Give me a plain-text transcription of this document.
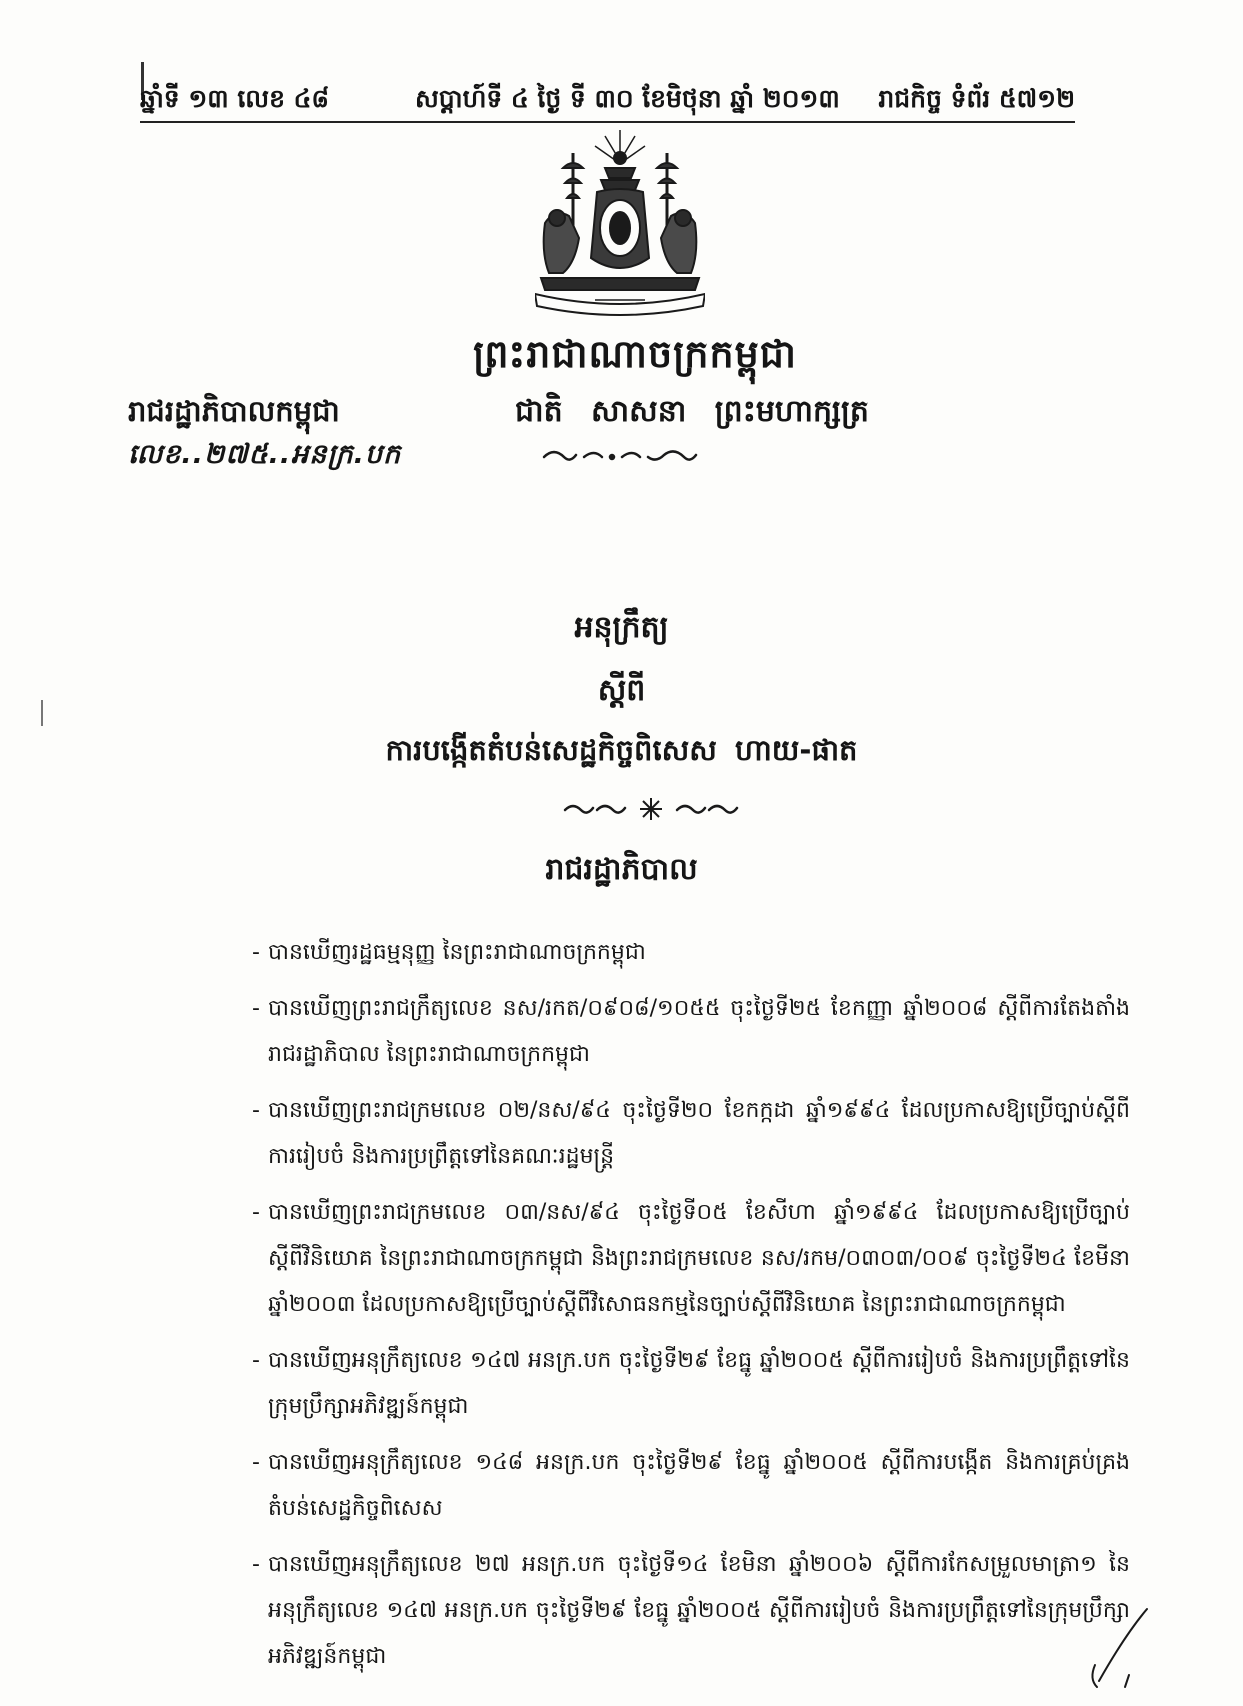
ឆ្នាំទី ១៣ លេខ ៤៨	សប្ដាហ៍ទី ៤ ថ្ងៃ ទី ៣០ ខែមិថុនា ឆ្នាំ ២០១៣ រាជកិច្ច ទំព័រ ៥៧១២
ព្រះរាជាណាចក្រកម្ពុជា
ជាតិ សាសនា ព្រះមហាក្សត្រ
រាជរដ្ឋាភិបាលកម្ពុជា
លេខ..២៧៥..អនក្រ.បក
អនុក្រឹត្យ
ស្ដីពី
ការបង្កើតតំបន់សេដ្ឋកិច្ចពិសេស ហាយ-ផាត
រាជរដ្ឋាភិបាល
- បានឃើញរដ្ឋធម្មនុញ្ញ នៃព្រះរាជាណាចក្រកម្ពុជា
- បានឃើញព្រះរាជក្រឹត្យលេខ នស/រកត/០៩០៨/១០៥៥ ចុះថ្ងៃទី២៥ ខែកញ្ញា ឆ្នាំ២០០៨ ស្ដីពីការតែងតាំងរាជរដ្ឋាភិបាល នៃព្រះរាជាណាចក្រកម្ពុជា
- បានឃើញព្រះរាជក្រមលេខ ០២/នស/៩៤ ចុះថ្ងៃទី២០ ខែកក្កដា ឆ្នាំ១៩៩៤ ដែលប្រកាសឱ្យប្រើច្បាប់ស្ដីពីការរៀបចំ និងការប្រព្រឹត្តទៅនៃគណៈរដ្ឋមន្ត្រី
- បានឃើញព្រះរាជក្រមលេខ ០៣/នស/៩៤ ចុះថ្ងៃទី០៥ ខែសីហា ឆ្នាំ១៩៩៤ ដែលប្រកាសឱ្យប្រើច្បាប់ស្ដីពីវិនិយោគ នៃព្រះរាជាណាចក្រកម្ពុជា និងព្រះរាជក្រមលេខ នស/រកម/០៣០៣/០០៩ ចុះថ្ងៃទី២៤ ខែមីនា ឆ្នាំ២០០៣ ដែលប្រកាសឱ្យប្រើច្បាប់ស្ដីពីវិសោធនកម្មនៃច្បាប់ស្ដីពីវិនិយោគ នៃព្រះរាជាណាចក្រកម្ពុជា
- បានឃើញអនុក្រឹត្យលេខ ១៤៧ អនក្រ.បក ចុះថ្ងៃទី២៩ ខែធ្នូ ឆ្នាំ២០០៥ ស្ដីពីការរៀបចំ និងការប្រព្រឹត្តទៅនៃក្រុមប្រឹក្សាអភិវឌ្ឍន៍កម្ពុជា
- បានឃើញអនុក្រឹត្យលេខ ១៤៨ អនក្រ.បក ចុះថ្ងៃទី២៩ ខែធ្នូ ឆ្នាំ២០០៥ ស្ដីពីការបង្កើត និងការគ្រប់គ្រងតំបន់សេដ្ឋកិច្ចពិសេស
- បានឃើញអនុក្រឹត្យលេខ ២៧ អនក្រ.បក ចុះថ្ងៃទី១៤ ខែមិនា ឆ្នាំ២០០៦ ស្ដីពីការកែសម្រួលមាត្រា១ នៃអនុក្រឹត្យលេខ ១៤៧ អនក្រ.បក ចុះថ្ងៃទី២៩ ខែធ្នូ ឆ្នាំ២០០៥ ស្ដីពីការរៀបចំ និងការប្រព្រឹត្តទៅនៃក្រុមប្រឹក្សាអភិវឌ្ឍន៍កម្ពុជា
